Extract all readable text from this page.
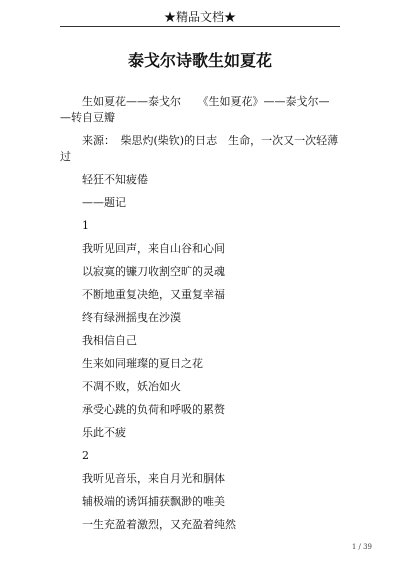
★精品文档★
泰戈尔诗歌生如夏花

生如夏花——泰戈尔　　《生如夏花》——泰戈尔—

—转自豆瓣

来源：　柴思灼(柴钦)的日志　生命，一次又一次轻薄

过

轻狂不知疲倦

——题记

1

我听见回声，来自山谷和心间

以寂寞的镰刀收割空旷的灵魂

不断地重复决绝，又重复幸福

终有绿洲摇曳在沙漠

我相信自己

生来如同璀璨的夏日之花

不凋不败，妖冶如火

承受心跳的负荷和呼吸的累赘

乐此不疲

2

我听见音乐，来自月光和胴体

辅极端的诱饵捕获飘渺的唯美

一生充盈着激烈，又充盈着纯然

1 / 39
